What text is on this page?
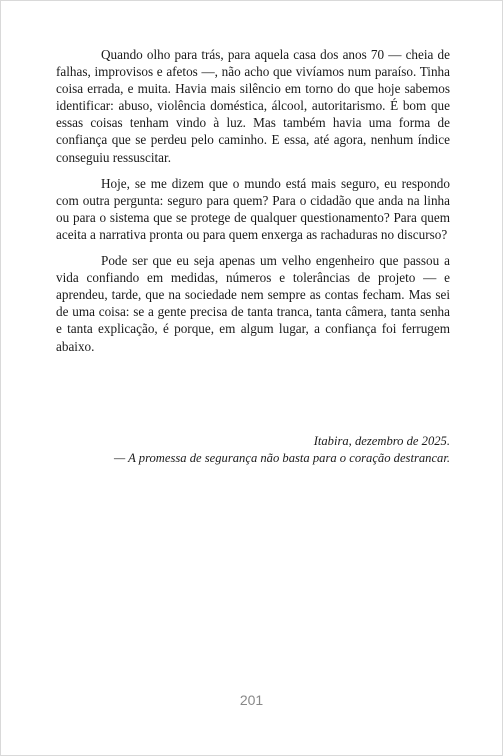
Quando olho para trás, para aquela casa dos anos 70 — cheia de falhas, improvisos e afetos —, não acho que vivíamos num paraíso. Tinha coisa errada, e muita. Havia mais silêncio em torno do que hoje sabemos identificar: abuso, violência doméstica, álcool, autoritarismo. É bom que essas coisas tenham vindo à luz. Mas também havia uma forma de confiança que se perdeu pelo caminho. E essa, até agora, nenhum índice conseguiu ressuscitar.

Hoje, se me dizem que o mundo está mais seguro, eu respondo com outra pergunta: seguro para quem? Para o cidadão que anda na linha ou para o sistema que se protege de qualquer questionamento? Para quem aceita a narrativa pronta ou para quem enxerga as rachaduras no discurso?

Pode ser que eu seja apenas um velho engenheiro que passou a vida confiando em medidas, números e tolerâncias de projeto — e aprendeu, tarde, que na sociedade nem sempre as contas fecham. Mas sei de uma coisa: se a gente precisa de tanta tranca, tanta câmera, tanta senha e tanta explicação, é porque, em algum lugar, a confiança foi ferrugem abaixo.

Itabira, dezembro de 2025.
— A promessa de segurança não basta para o coração destrancar.
201
